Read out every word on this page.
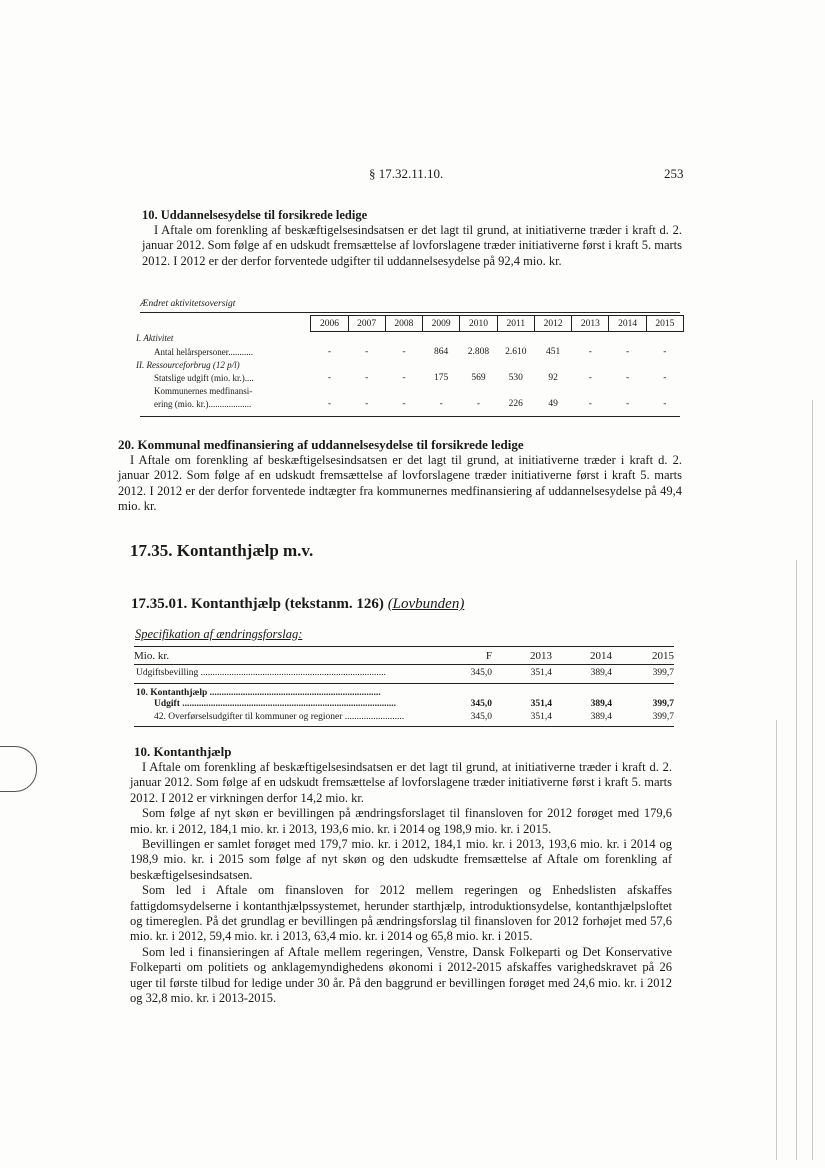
§ 17.32.11.10.	253
10. Uddannelsesydelse til forsikrede ledige

I Aftale om forenkling af beskæftigelsesindsatsen er det lagt til grund, at initiativerne træder i kraft d. 2. januar 2012. Som følge af en udskudt fremsættelse af lovforslagene træder initiativerne først i kraft 5. marts 2012. I 2012 er der derfor forventede udgifter til uddannelsesydelse på 92,4 mio. kr.

Ændret aktivitetsoversigt
	2006	2007	2008	2009	2010	2011	2012	2013	2014	2015
I. Aktivitet										
Antal helårspersoner...........	-	-	-	864	2.808	2.610	451	-	-	-
II. Ressourceforbrug (12 p/l)										
Statslige udgift (mio. kr.)....	-	-	-	175	569	530	92	-	-	-
Kommunernes medfinansi-										
ering (mio. kr.)...................	-	-	-	-	-	226	49	-	-	-
20. Kommunal medfinansiering af uddannelsesydelse til forsikrede ledige

I Aftale om forenkling af beskæftigelsesindsatsen er det lagt til grund, at initiativerne træder i kraft d. 2. januar 2012. Som følge af en udskudt fremsættelse af lovforslagene træder initiativerne først i kraft 5. marts 2012. I 2012 er der derfor forventede indtægter fra kommunernes medfinansiering af uddannelsesydelse på 49,4 mio. kr.

17.35. Kontanthjælp m.v.
17.35.01. Kontanthjælp (tekstanm. 126) (Lovbunden)
Specifikation af ændringsforslag:
Mio. kr.	F	2013	2014	2015
Udgiftsbevilling ..............................................................................	345,0	351,4	389,4	399,7
10. Kontanthjælp ........................................................................
Udgift ..........................................................................................	345,0	351,4	389,4	399,7
42. Overførselsudgifter til kommuner og regioner .........................	345,0	351,4	389,4	399,7
10. Kontanthjælp

I Aftale om forenkling af beskæftigelsesindsatsen er det lagt til grund, at initiativerne træder i kraft d. 2. januar 2012. Som følge af en udskudt fremsættelse af lovforslagene træder initiativerne først i kraft 5. marts 2012. I 2012 er virkningen derfor 14,2 mio. kr.

Som følge af nyt skøn er bevillingen på ændringsforslaget til finansloven for 2012 forøget med 179,6 mio. kr. i 2012, 184,1 mio. kr. i 2013, 193,6 mio. kr. i 2014 og 198,9 mio. kr. i 2015.

Bevillingen er samlet forøget med 179,7 mio. kr. i 2012, 184,1 mio. kr. i 2013, 193,6 mio. kr. i 2014 og 198,9 mio. kr. i 2015 som følge af nyt skøn og den udskudte fremsættelse af Aftale om forenkling af beskæftigelsesindsatsen.

Som led i Aftale om finansloven for 2012 mellem regeringen og Enhedslisten afskaffes fattigdomsydelserne i kontanthjælpssystemet, herunder starthjælp, introduktionsydelse, kontanthjælpsloftet og timereglen. På det grundlag er bevillingen på ændringsforslag til finansloven for 2012 forhøjet med 57,6 mio. kr. i 2012, 59,4 mio. kr. i 2013, 63,4 mio. kr. i 2014 og 65,8 mio. kr. i 2015.

Som led i finansieringen af Aftale mellem regeringen, Venstre, Dansk Folkeparti og Det Konservative Folkeparti om politiets og anklagemyndighedens økonomi i 2012-2015 afskaffes varighedskravet på 26 uger til første tilbud for ledige under 30 år. På den baggrund er bevillingen forøget med 24,6 mio. kr. i 2012 og 32,8 mio. kr. i 2013-2015.
